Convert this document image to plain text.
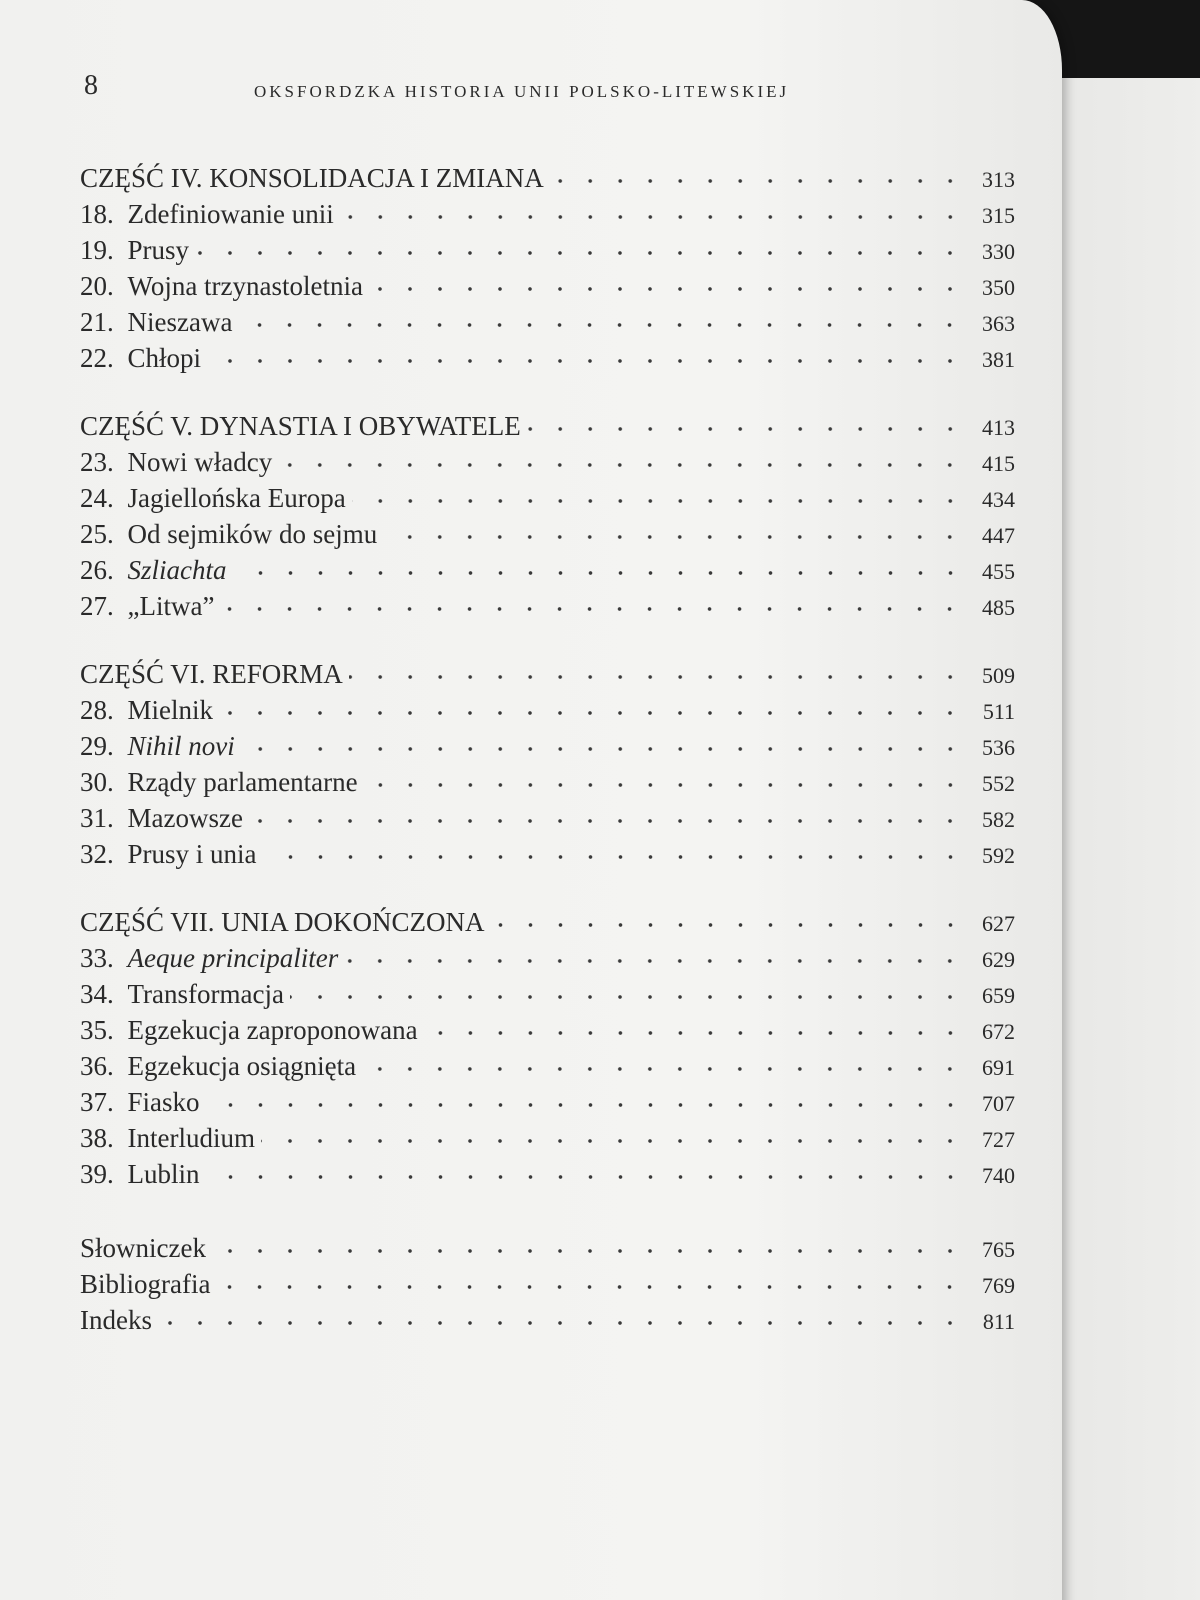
8	OKSFORDZKA HISTORIA UNII POLSKO-LITEWSKIEJ
CZĘŚĆ IV. KONSOLIDACJA I ZMIANA	313
18. Zdefiniowanie unii	315
19. Prusy	330
20. Wojna trzynastoletnia	350
21. Nieszawa	363
22. Chłopi	381
CZĘŚĆ V. DYNASTIA I OBYWATELE	413
23. Nowi władcy	415
24. Jagiellońska Europa	434
25. Od sejmików do sejmu	447
26. Szliachta	455
27. „Litwa”	485
CZĘŚĆ VI. REFORMA	509
28. Mielnik	511
29. Nihil novi	536
30. Rządy parlamentarne	552
31. Mazowsze	582
32. Prusy i unia	592
CZĘŚĆ VII. UNIA DOKOŃCZONA	627
33. Aeque principaliter	629
34. Transformacja	659
35. Egzekucja zaproponowana	672
36. Egzekucja osiągnięta	691
37. Fiasko	707
38. Interludium	727
39. Lublin	740
Słowniczek	765
Bibliografia	769
Indeks	811
